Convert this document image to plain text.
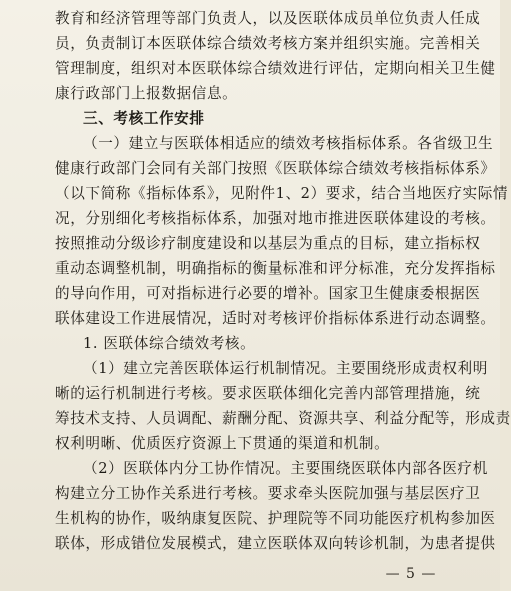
教育和经济管理等部门负责人，以及医联体成员单位负责人任成
员，负责制订本医联体综合绩效考核方案并组织实施。完善相关
管理制度，组织对本医联体综合绩效进行评估，定期向相关卫生健
康行政部门上报数据信息。
三、考核工作安排
（一）建立与医联体相适应的绩效考核指标体系。各省级卫生
健康行政部门会同有关部门按照《医联体综合绩效考核指标体系》
（以下简称《指标体系》，见附件1、2）要求，结合当地医疗实际情
况，分别细化考核指标体系，加强对地市推进医联体建设的考核。
按照推动分级诊疗制度建设和以基层为重点的目标，建立指标权
重动态调整机制，明确指标的衡量标准和评分标准，充分发挥指标
的导向作用，可对指标进行必要的增补。国家卫生健康委根据医
联体建设工作进展情况，适时对考核评价指标体系进行动态调整。
1. 医联体综合绩效考核。
（1）建立完善医联体运行机制情况。主要围绕形成责权利明
晰的运行机制进行考核。要求医联体细化完善内部管理措施，统
筹技术支持、人员调配、薪酬分配、资源共享、利益分配等，形成责
权利明晰、优质医疗资源上下贯通的渠道和机制。
（2）医联体内分工协作情况。主要围绕医联体内部各医疗机
构建立分工协作关系进行考核。要求牵头医院加强与基层医疗卫
生机构的协作，吸纳康复医院、护理院等不同功能医疗机构参加医
联体，形成错位发展模式，建立医联体双向转诊机制，为患者提供
— 5 —
